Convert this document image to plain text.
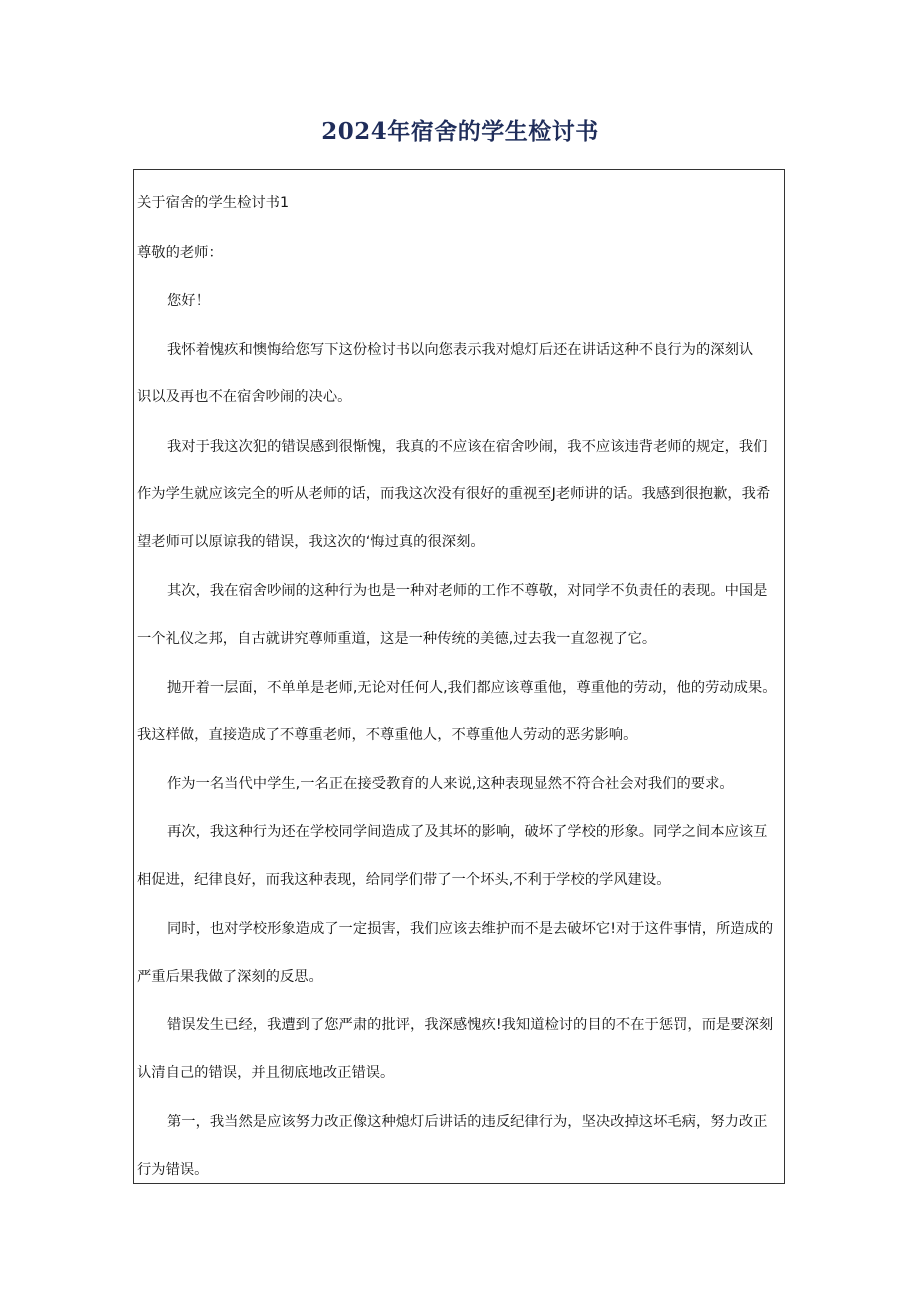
2024年宿舍的学生检讨书
关于宿舍的学生检讨书1
尊敬的老师：
您好！
我怀着愧疚和懊悔给您写下这份检讨书以向您表示我对熄灯后还在讲话这种不良行为的深刻认
识以及再也不在宿舍吵闹的决心。
我对于我这次犯的错误感到很惭愧，我真的不应该在宿舍吵闹，我不应该违背老师的规定，我们
作为学生就应该完全的听从老师的话，而我这次没有很好的重视至J老师讲的话。我感到很抱歉，我希
望老师可以原谅我的错误，我这次的‘悔过真的很深刻。
其次，我在宿舍吵闹的这种行为也是一种对老师的工作不尊敬，对同学不负责任的表现。中国是
一个礼仪之邦，自古就讲究尊师重道，这是一种传统的美德,过去我一直忽视了它。
抛开着一层面，不单单是老师,无论对任何人,我们都应该尊重他，尊重他的劳动，他的劳动成果。
我这样做，直接造成了不尊重老师，不尊重他人，不尊重他人劳动的恶劣影响。
作为一名当代中学生,一名正在接受教育的人来说,这种表现显然不符合社会对我们的要求。
再次，我这种行为还在学校同学间造成了及其坏的影响，破坏了学校的形象。同学之间本应该互
相促进，纪律良好，而我这种表现，给同学们带了一个坏头,不利于学校的学风建设。
同时，也对学校形象造成了一定损害，我们应该去维护而不是去破坏它!对于这件事情，所造成的
严重后果我做了深刻的反思。
错误发生已经，我遭到了您严肃的批评，我深感愧疚!我知道检讨的目的不在于惩罚，而是要深刻
认清自己的错误，并且彻底地改正错误。
第一，我当然是应该努力改正像这种熄灯后讲话的违反纪律行为，坚决改掉这坏毛病，努力改正
行为错误。
